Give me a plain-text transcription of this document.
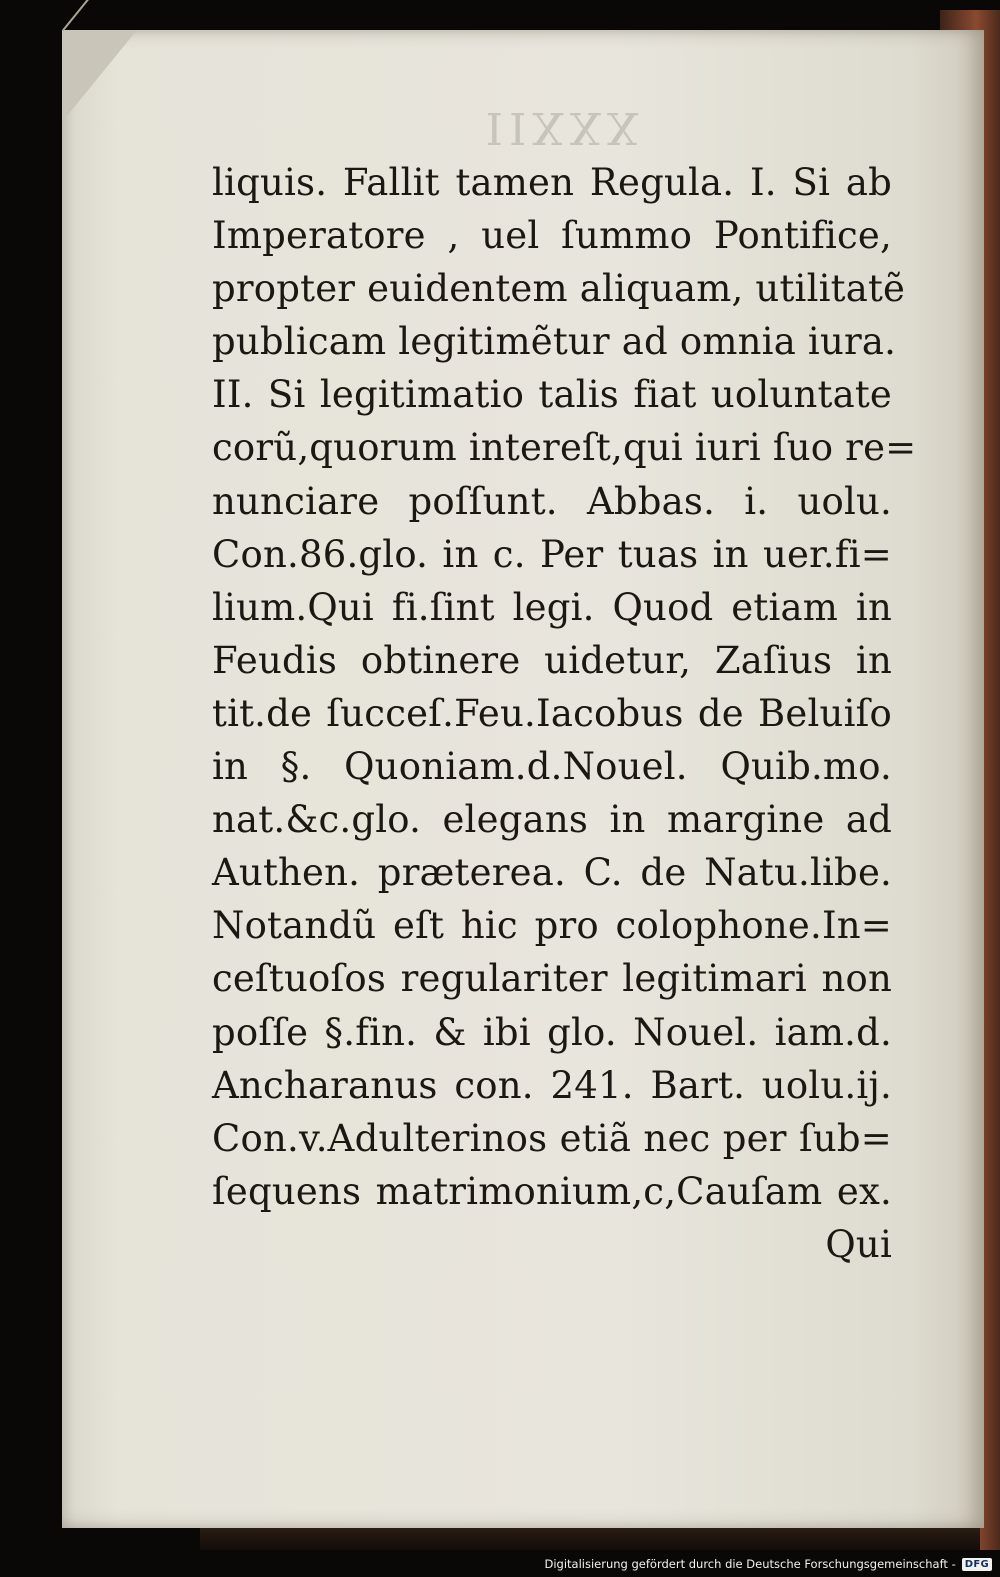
IIXXX
liquis. Fallit tamen Regula. I. Si ab
Imperatore , uel ſummo Pontifice,
propter euidentem aliquam, utilitatẽ
publicam legitimẽtur ad omnia iura.
II. Si legitimatio talis fiat uoluntate
corũ,quorum intereſt,qui iuri ſuo re=
nunciare poſſunt. Abbas. i. uolu.
Con.86.glo. in c. Per tuas in uer.fi=
lium.Qui fi.ſint legi. Quod etiam in
Feudis obtinere uidetur, Zaſius in
tit.de ſucceſ.Feu.Iacobus de Beluiſo
in §. Quoniam.d.Nouel. Quib.mo.
nat.&c.glo. elegans in margine ad
Authen. præterea. C. de Natu.libe.
Notandũ eſt hic pro colophone.In=
ceſtuoſos regulariter legitimari non
poſſe §.fin. & ibi glo. Nouel. iam.d.
Ancharanus con. 241. Bart. uolu.ij.
Con.v.Adulterinos etiã nec per ſub=
ſequens matrimonium,c,Cauſam ex.
Qui
Digitalisierung gefördert durch die Deutsche Forschungsgemeinschaft - DFG
